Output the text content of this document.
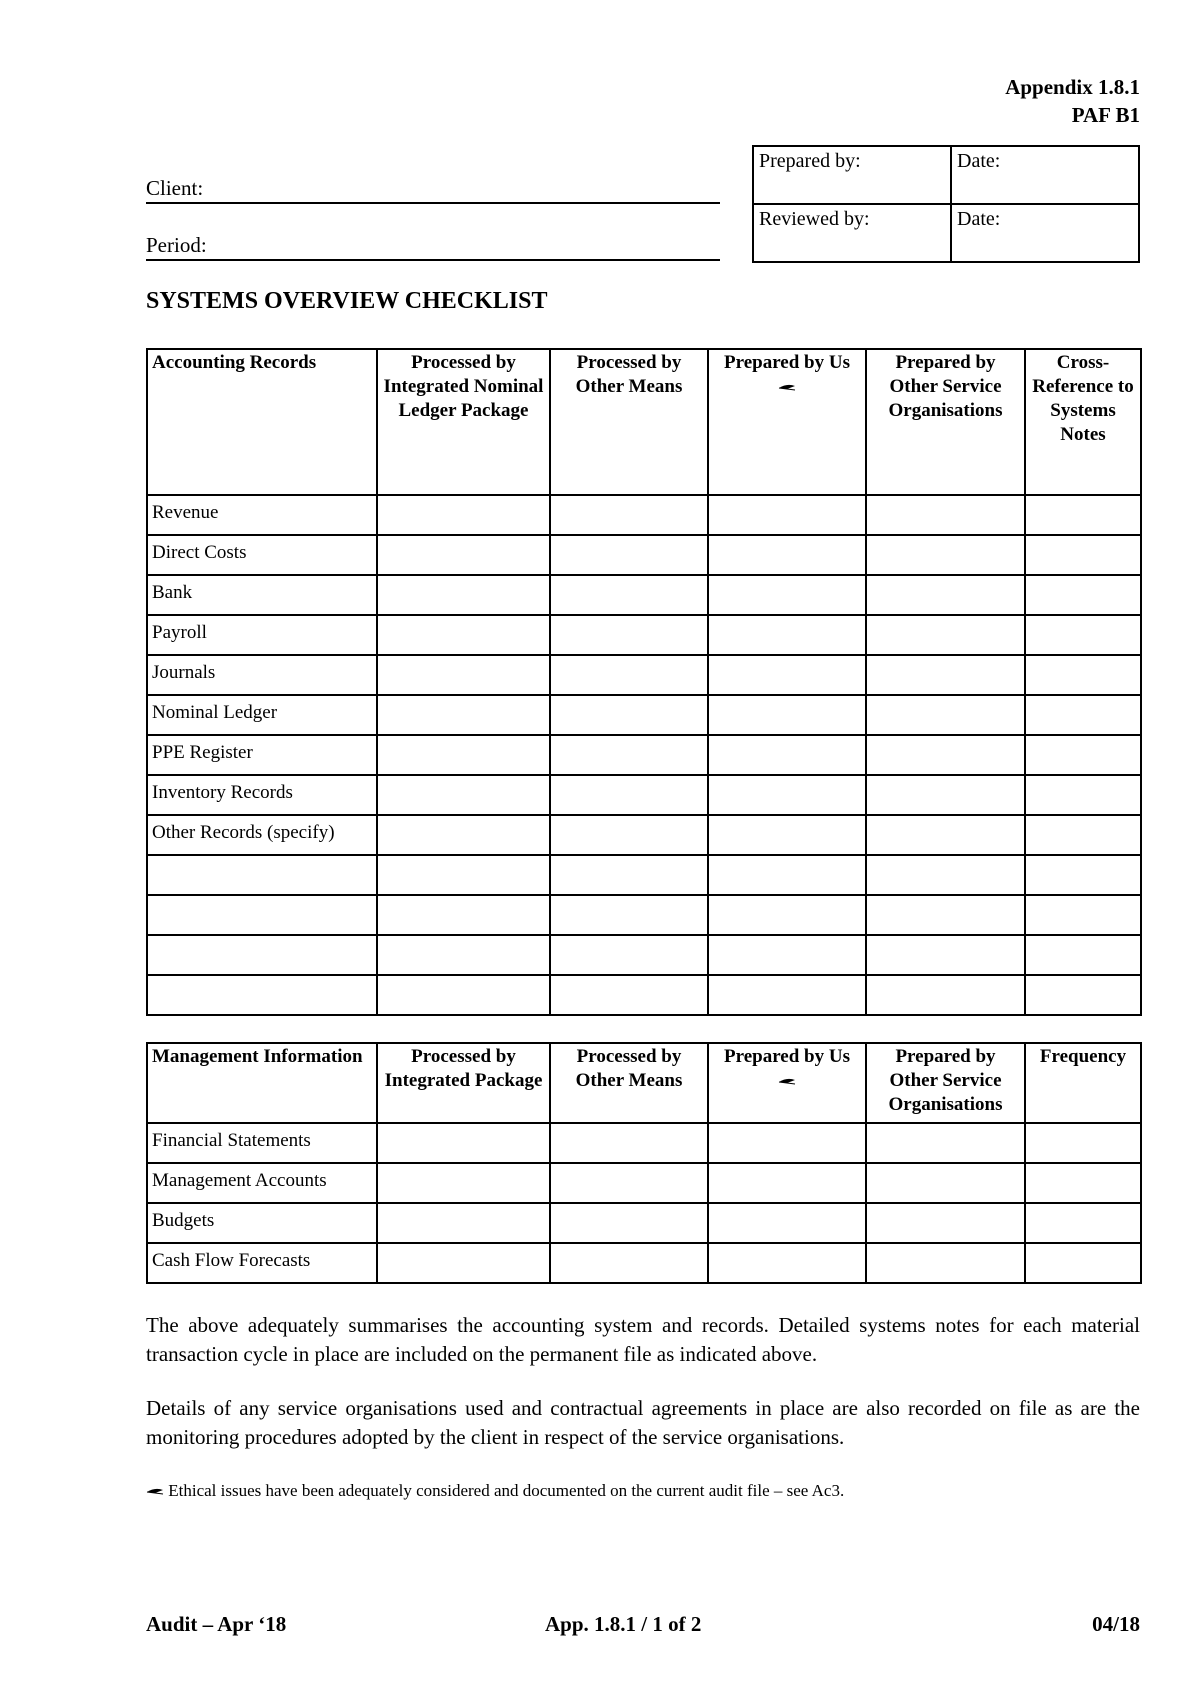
Appendix 1.8.1
PAF B1
Client:
Period:
Prepared by:	Date:
Reviewed by:	Date:
SYSTEMS OVERVIEW CHECKLIST
Accounting Records	Processed by Integrated Nominal Ledger Package	Processed by Other Means	Prepared by Us	Prepared by Other Service Organisations	Cross-Reference to Systems Notes
Revenue					
Direct Costs					
Bank					
Payroll					
Journals					
Nominal Ledger					
PPE Register					
Inventory Records					
Other Records (specify)					

Management Information	Processed by Integrated Package	Processed by Other Means	Prepared by Us	Prepared by Other Service Organisations	Frequency
Financial Statements					
Management Accounts					
Budgets					
Cash Flow Forecasts					
The above adequately summarises the accounting system and records. Detailed systems notes for each material transaction cycle in place are included on the permanent file as indicated above.
Details of any service organisations used and contractual agreements in place are also recorded on file as are the monitoring procedures adopted by the client in respect of the service organisations.
Ethical issues have been adequately considered and documented on the current audit file – see Ac3.
Audit – Apr ‘18	App. 1.8.1 / 1 of 2	04/18
